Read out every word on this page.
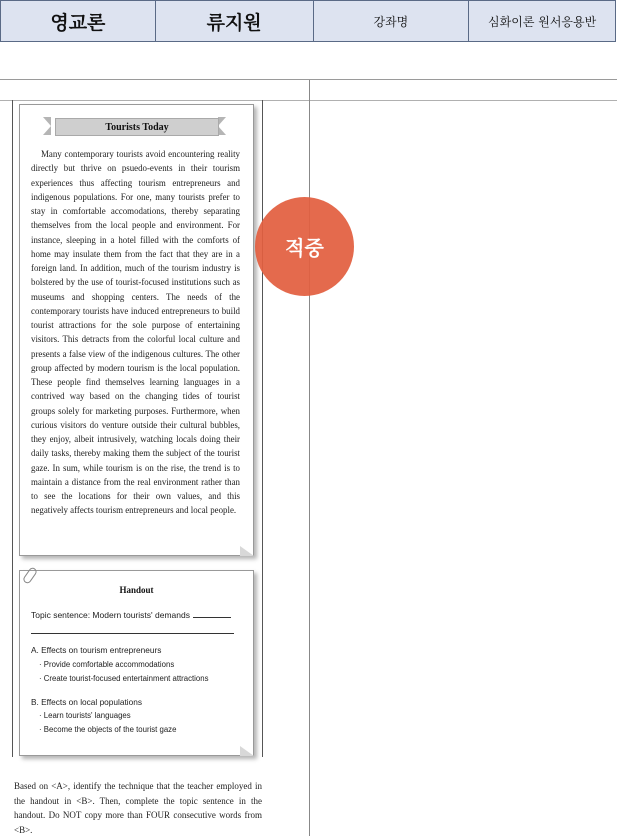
영교론	류지원	강좌명	심화이론 원서응용반
Tourists Today

Many contemporary tourists avoid encountering reality directly but thrive on psuedo-events in their tourism experiences thus affecting tourism entrepreneurs and indigenous populations. For one, many tourists prefer to stay in comfortable accomodations, thereby separating themselves from the local people and environment. For instance, sleeping in a hotel filled with the comforts of home may insulate them from the fact that they are in a foreign land. In addition, much of the tourism industry is bolstered by the use of tourist-focused institutions such as museums and shopping centers. The needs of the contemporary tourists have induced entrepreneurs to build tourist attractions for the sole purpose of entertaining visitors. This detracts from the colorful local culture and presents a false view of the indigenous cultures. The other group affected by modern tourism is the local population. These people find themselves learning languages in a contrived way based on the changing tides of tourist groups solely for marketing purposes. Furthermore, when curious visitors do venture outside their cultural bubbles, they enjoy, albeit intrusively, watching locals doing their daily tasks, thereby making them the subject of the tourist gaze. In sum, while tourism is on the rise, the trend is to maintain a distance from the real environment rather than to see the locations for their own values, and this negatively affects tourism entrepreneurs and local people.

Handout
Topic sentence: Modern tourists' demands
A. Effects on tourism entrepreneurs
· Provide comfortable accommodations
· Create tourist-focused entertainment attractions
B. Effects on local populations
· Learn tourists' languages
· Become the objects of the tourist gaze

Based on <A>, identify the technique that the teacher employed in the handout in <B>. Then, complete the topic sentence in the handout. Do NOT copy more than FOUR consecutive words from <B>.

적중
